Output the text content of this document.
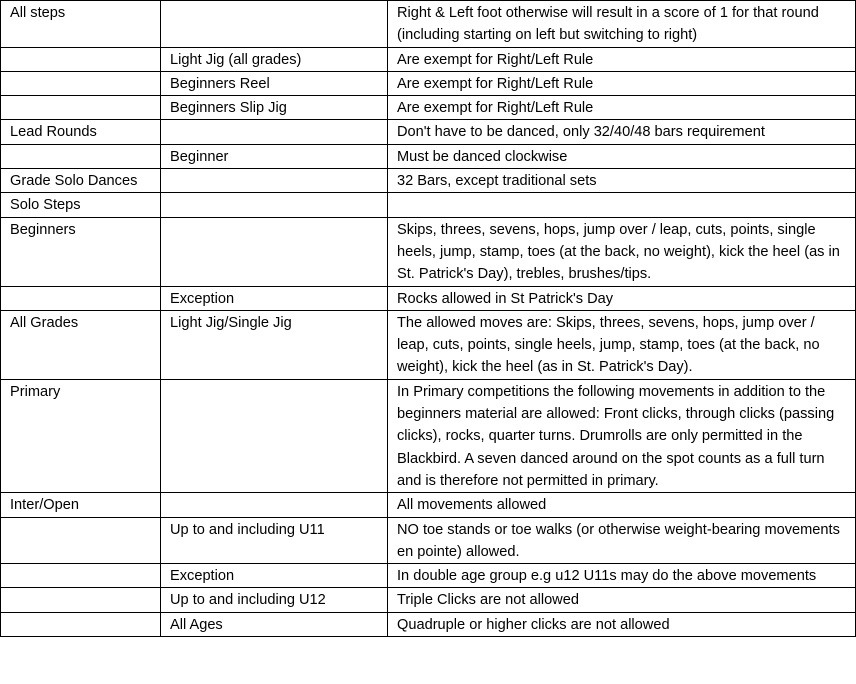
All steps		Right & Left foot otherwise will result in a score of 1 for that round (including starting on left but switching to right)
	Light Jig (all grades)	Are exempt for Right/Left Rule
	Beginners Reel	Are exempt for Right/Left Rule
	Beginners Slip Jig	Are exempt for Right/Left Rule
Lead Rounds		Don't have to be danced, only 32/40/48 bars requirement
	Beginner	Must be danced clockwise
Grade Solo Dances		32 Bars, except traditional sets
Solo Steps		
Beginners		Skips, threes, sevens, hops, jump over / leap, cuts, points, single heels, jump, stamp, toes (at the back, no weight), kick the heel (as in St. Patrick's Day), trebles, brushes/tips.
	Exception	Rocks allowed in St Patrick's Day
All Grades	Light Jig/Single Jig	The allowed moves are: Skips, threes, sevens, hops, jump over / leap, cuts, points, single heels, jump, stamp, toes (at the back, no weight), kick the heel (as in St. Patrick's Day).
Primary		In Primary competitions the following movements in addition to the beginners material are allowed: Front clicks, through clicks (passing clicks), rocks, quarter turns. Drumrolls are only permitted in the Blackbird. A seven danced around on the spot counts as a full turn and is therefore not permitted in primary.
Inter/Open		All movements allowed
	Up to and including U11	NO toe stands or toe walks (or otherwise weight-bearing movements en pointe) allowed.
	Exception	In double age group e.g u12 U11s may do the above movements
	Up to and including U12	Triple Clicks are not allowed
	All Ages	Quadruple or higher clicks are not allowed
